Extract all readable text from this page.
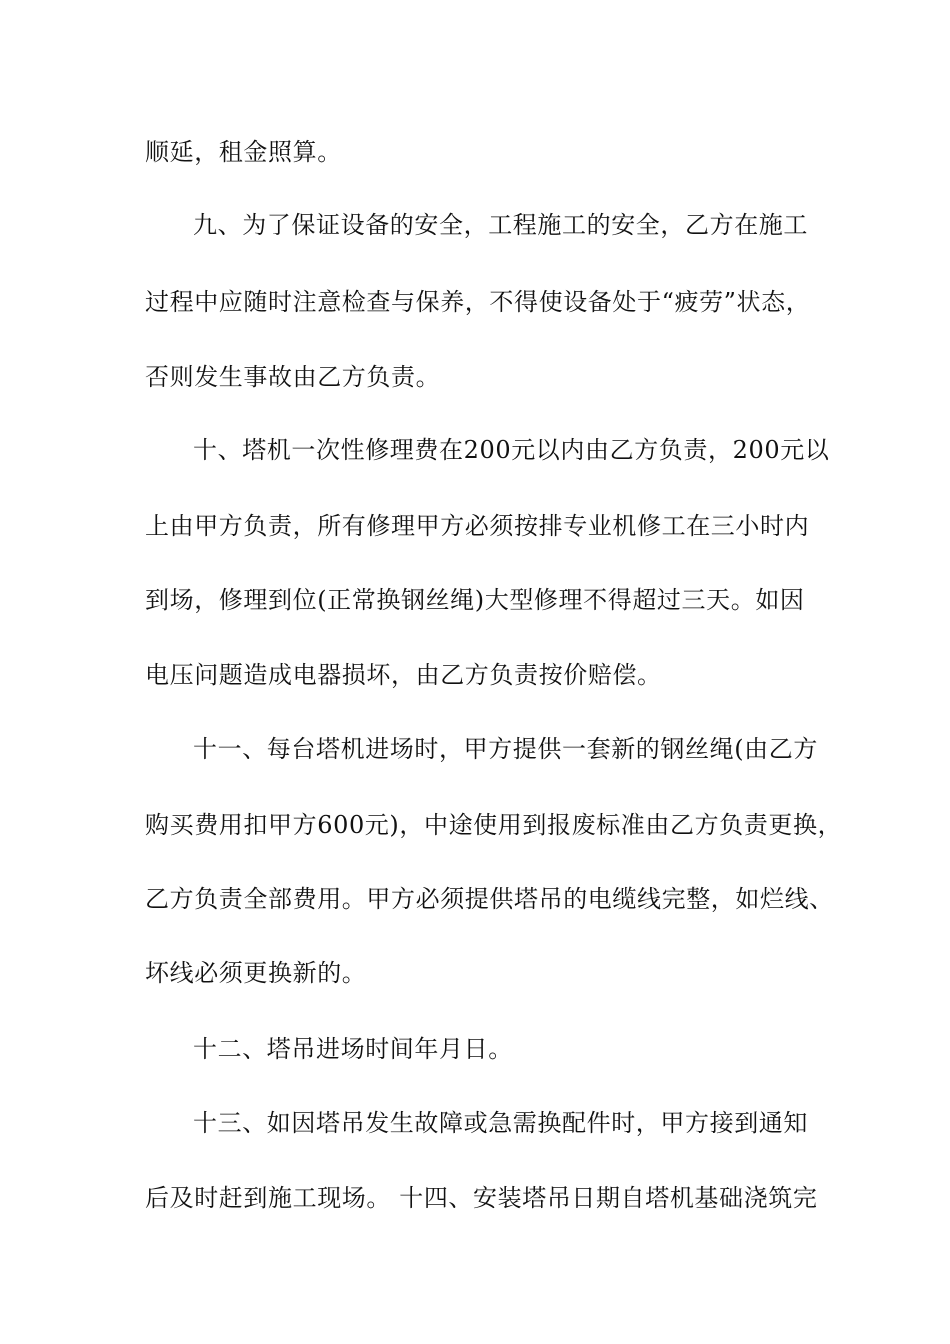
顺延，租金照算。
九、为了保证设备的安全，工程施工的安全，乙方在施工
过程中应随时注意检查与保养，不得使设备处于“疲劳”状态，
否则发生事故由乙方负责。
十、塔机一次性修理费在200元以内由乙方负责，200元以
上由甲方负责，所有修理甲方必须按排专业机修工在三小时内
到场，修理到位(正常换钢丝绳)大型修理不得超过三天。如因
电压问题造成电器损坏，由乙方负责按价赔偿。
十一、每台塔机进场时，甲方提供一套新的钢丝绳(由乙方
购买费用扣甲方600元)，中途使用到报废标准由乙方负责更换，
乙方负责全部费用。甲方必须提供塔吊的电缆线完整，如烂线、
坏线必须更换新的。
十二、塔吊进场时间年月日。
十三、如因塔吊发生故障或急需换配件时，甲方接到通知
后及时赶到施工现场。 十四、安装塔吊日期自塔机基础浇筑完
